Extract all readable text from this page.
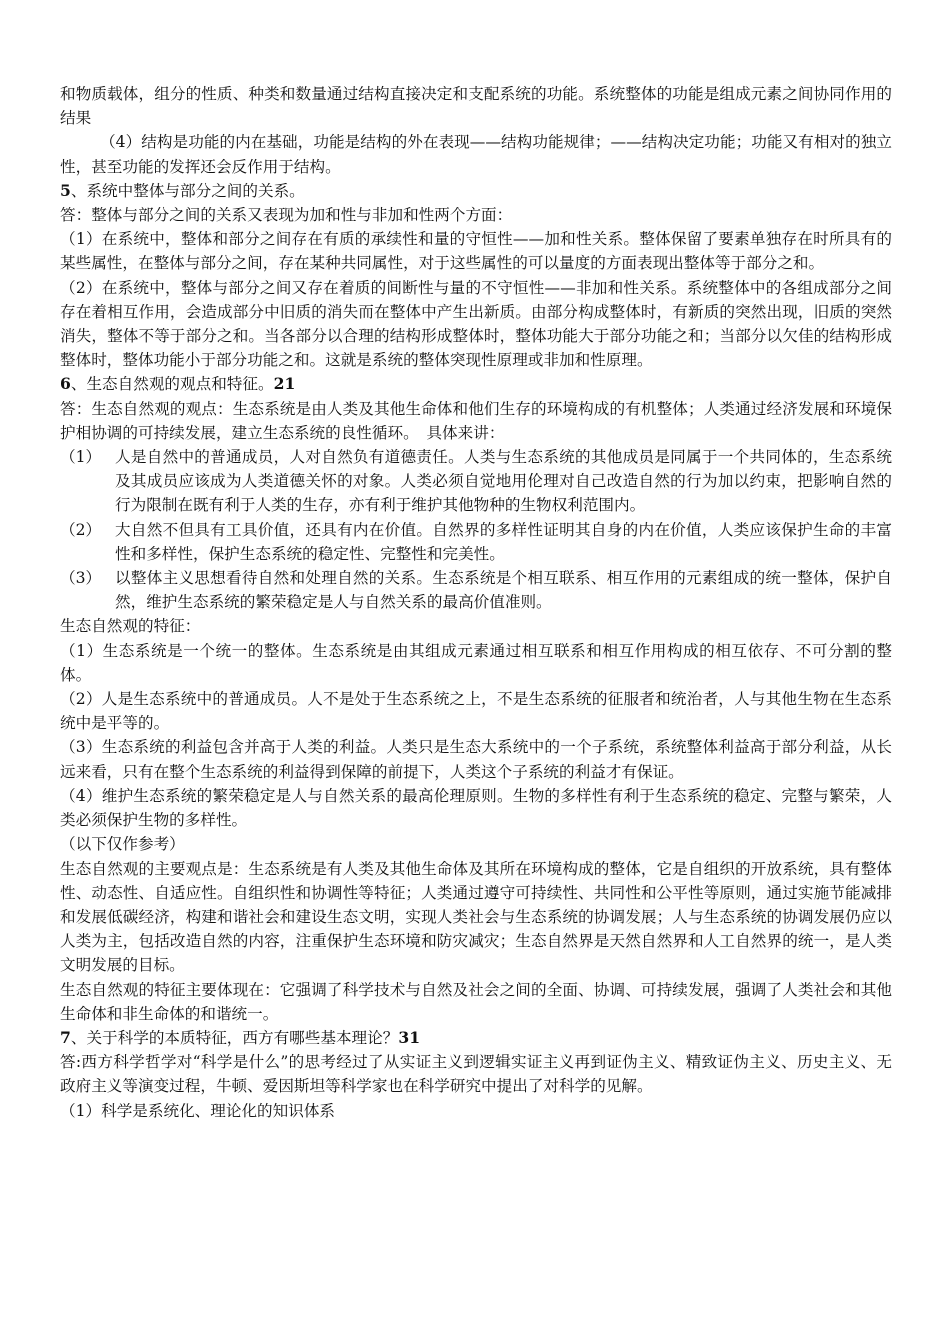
和物质载体，组分的性质、种类和数量通过结构直接决定和支配系统的功能。系统整体的功能是组成元素之间协同作用的结果

（4）结构是功能的内在基础，功能是结构的外在表现——结构功能规律；——结构决定功能；功能又有相对的独立性，甚至功能的发挥还会反作用于结构。

5、系统中整体与部分之间的关系。

答：整体与部分之间的关系又表现为加和性与非加和性两个方面：

（1）在系统中，整体和部分之间存在有质的承续性和量的守恒性——加和性关系。整体保留了要素单独存在时所具有的某些属性，在整体与部分之间，存在某种共同属性，对于这些属性的可以量度的方面表现出整体等于部分之和。

（2）在系统中，整体与部分之间又存在着质的间断性与量的不守恒性——非加和性关系。系统整体中的各组成部分之间存在着相互作用，会造成部分中旧质的消失而在整体中产生出新质。由部分构成整体时，有新质的突然出现，旧质的突然消失，整体不等于部分之和。当各部分以合理的结构形成整体时，整体功能大于部分功能之和；当部分以欠佳的结构形成整体时，整体功能小于部分功能之和。这就是系统的整体突现性原理或非加和性原理。

6、生态自然观的观点和特征。21

答：生态自然观的观点：生态系统是由人类及其他生命体和他们生存的环境构成的有机整体；人类通过经济发展和环境保护相协调的可持续发展，建立生态系统的良性循环。　具体来讲：

（1） 人是自然中的普通成员，人对自然负有道德责任。人类与生态系统的其他成员是同属于一个共同体的，生态系统及其成员应该成为人类道德关怀的对象。人类必须自觉地用伦理对自己改造自然的行为加以约束，把影响自然的行为限制在既有利于人类的生存，亦有利于维护其他物种的生物权利范围内。
（2） 大自然不但具有工具价值，还具有内在价值。自然界的多样性证明其自身的内在价值，人类应该保护生命的丰富性和多样性，保护生态系统的稳定性、完整性和完美性。
（3） 以整体主义思想看待自然和处理自然的关系。生态系统是个相互联系、相互作用的元素组成的统一整体，保护自然，维护生态系统的繁荣稳定是人与自然关系的最高价值准则。

生态自然观的特征：

（1）生态系统是一个统一的整体。生态系统是由其组成元素通过相互联系和相互作用构成的相互依存、不可分割的整体。

（2）人是生态系统中的普通成员。人不是处于生态系统之上，不是生态系统的征服者和统治者，人与其他生物在生态系统中是平等的。

（3）生态系统的利益包含并高于人类的利益。人类只是生态大系统中的一个子系统，系统整体利益高于部分利益，从长远来看，只有在整个生态系统的利益得到保障的前提下，人类这个子系统的利益才有保证。

（4）维护生态系统的繁荣稳定是人与自然关系的最高伦理原则。生物的多样性有利于生态系统的稳定、完整与繁荣，人类必须保护生物的多样性。

（以下仅作参考）

生态自然观的主要观点是：生态系统是有人类及其他生命体及其所在环境构成的整体，它是自组织的开放系统，具有整体性、动态性、自适应性。自组织性和协调性等特征；人类通过遵守可持续性、共同性和公平性等原则，通过实施节能减排和发展低碳经济，构建和谐社会和建设生态文明，实现人类社会与生态系统的协调发展；人与生态系统的协调发展仍应以人类为主，包括改造自然的内容，注重保护生态环境和防灾减灾；生态自然界是天然自然界和人工自然界的统一，是人类文明发展的目标。

生态自然观的特征主要体现在：它强调了科学技术与自然及社会之间的全面、协调、可持续发展，强调了人类社会和其他生命体和非生命体的和谐统一。

7、关于科学的本质特征，西方有哪些基本理论？31

答:西方科学哲学对“科学是什么”的思考经过了从实证主义到逻辑实证主义再到证伪主义、精致证伪主义、历史主义、无政府主义等演变过程，牛顿、爱因斯坦等科学家也在科学研究中提出了对科学的见解。

（1）科学是系统化、理论化的知识体系
